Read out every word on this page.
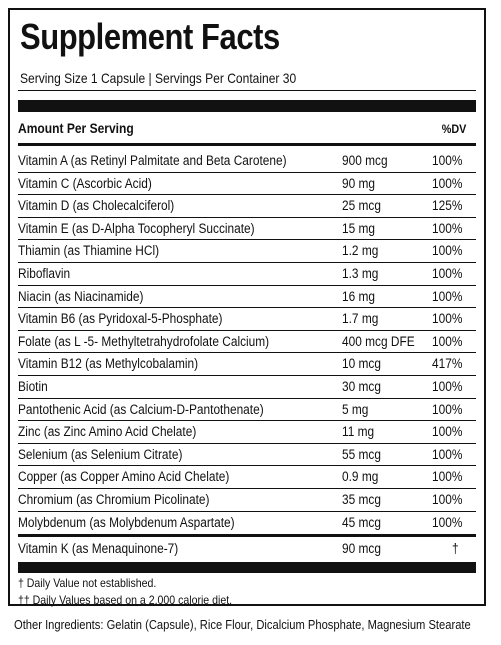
Supplement Facts
Serving Size 1 Capsule | Servings Per Container 30
Amount Per Serving	%DV
Vitamin A (as Retinyl Palmitate and Beta Carotene)	900 mcg	100%
Vitamin C (Ascorbic Acid)	90 mg	100%
Vitamin D (as Cholecalciferol)	25 mcg	125%
Vitamin E (as D-Alpha Tocopheryl Succinate)	15 mg	100%
Thiamin (as Thiamine HCl)	1.2 mg	100%
Riboflavin	1.3 mg	100%
Niacin (as Niacinamide)	16 mg	100%
Vitamin B6 (as Pyridoxal-5-Phosphate)	1.7 mg	100%
Folate (as L -5- Methyltetrahydrofolate Calcium)	400 mcg DFE 100%
Vitamin B12 (as Methylcobalamin)	10 mcg	417%
Biotin	30 mcg	100%
Pantothenic Acid (as Calcium-D-Pantothenate)	5 mg	100%
Zinc (as Zinc Amino Acid Chelate)	11 mg	100%
Selenium (as Selenium Citrate)	55 mcg	100%
Copper (as Copper Amino Acid Chelate)	0.9 mg	100%
Chromium (as Chromium Picolinate)	35 mcg	100%
Molybdenum (as Molybdenum Aspartate)	45 mcg	100%
Vitamin K (as Menaquinone-7)	90 mcg	†
† Daily Value not established.
†† Daily Values based on a 2,000 calorie diet.
Other Ingredients: Gelatin (Capsule), Rice Flour, Dicalcium Phosphate, Magnesium Stearate
